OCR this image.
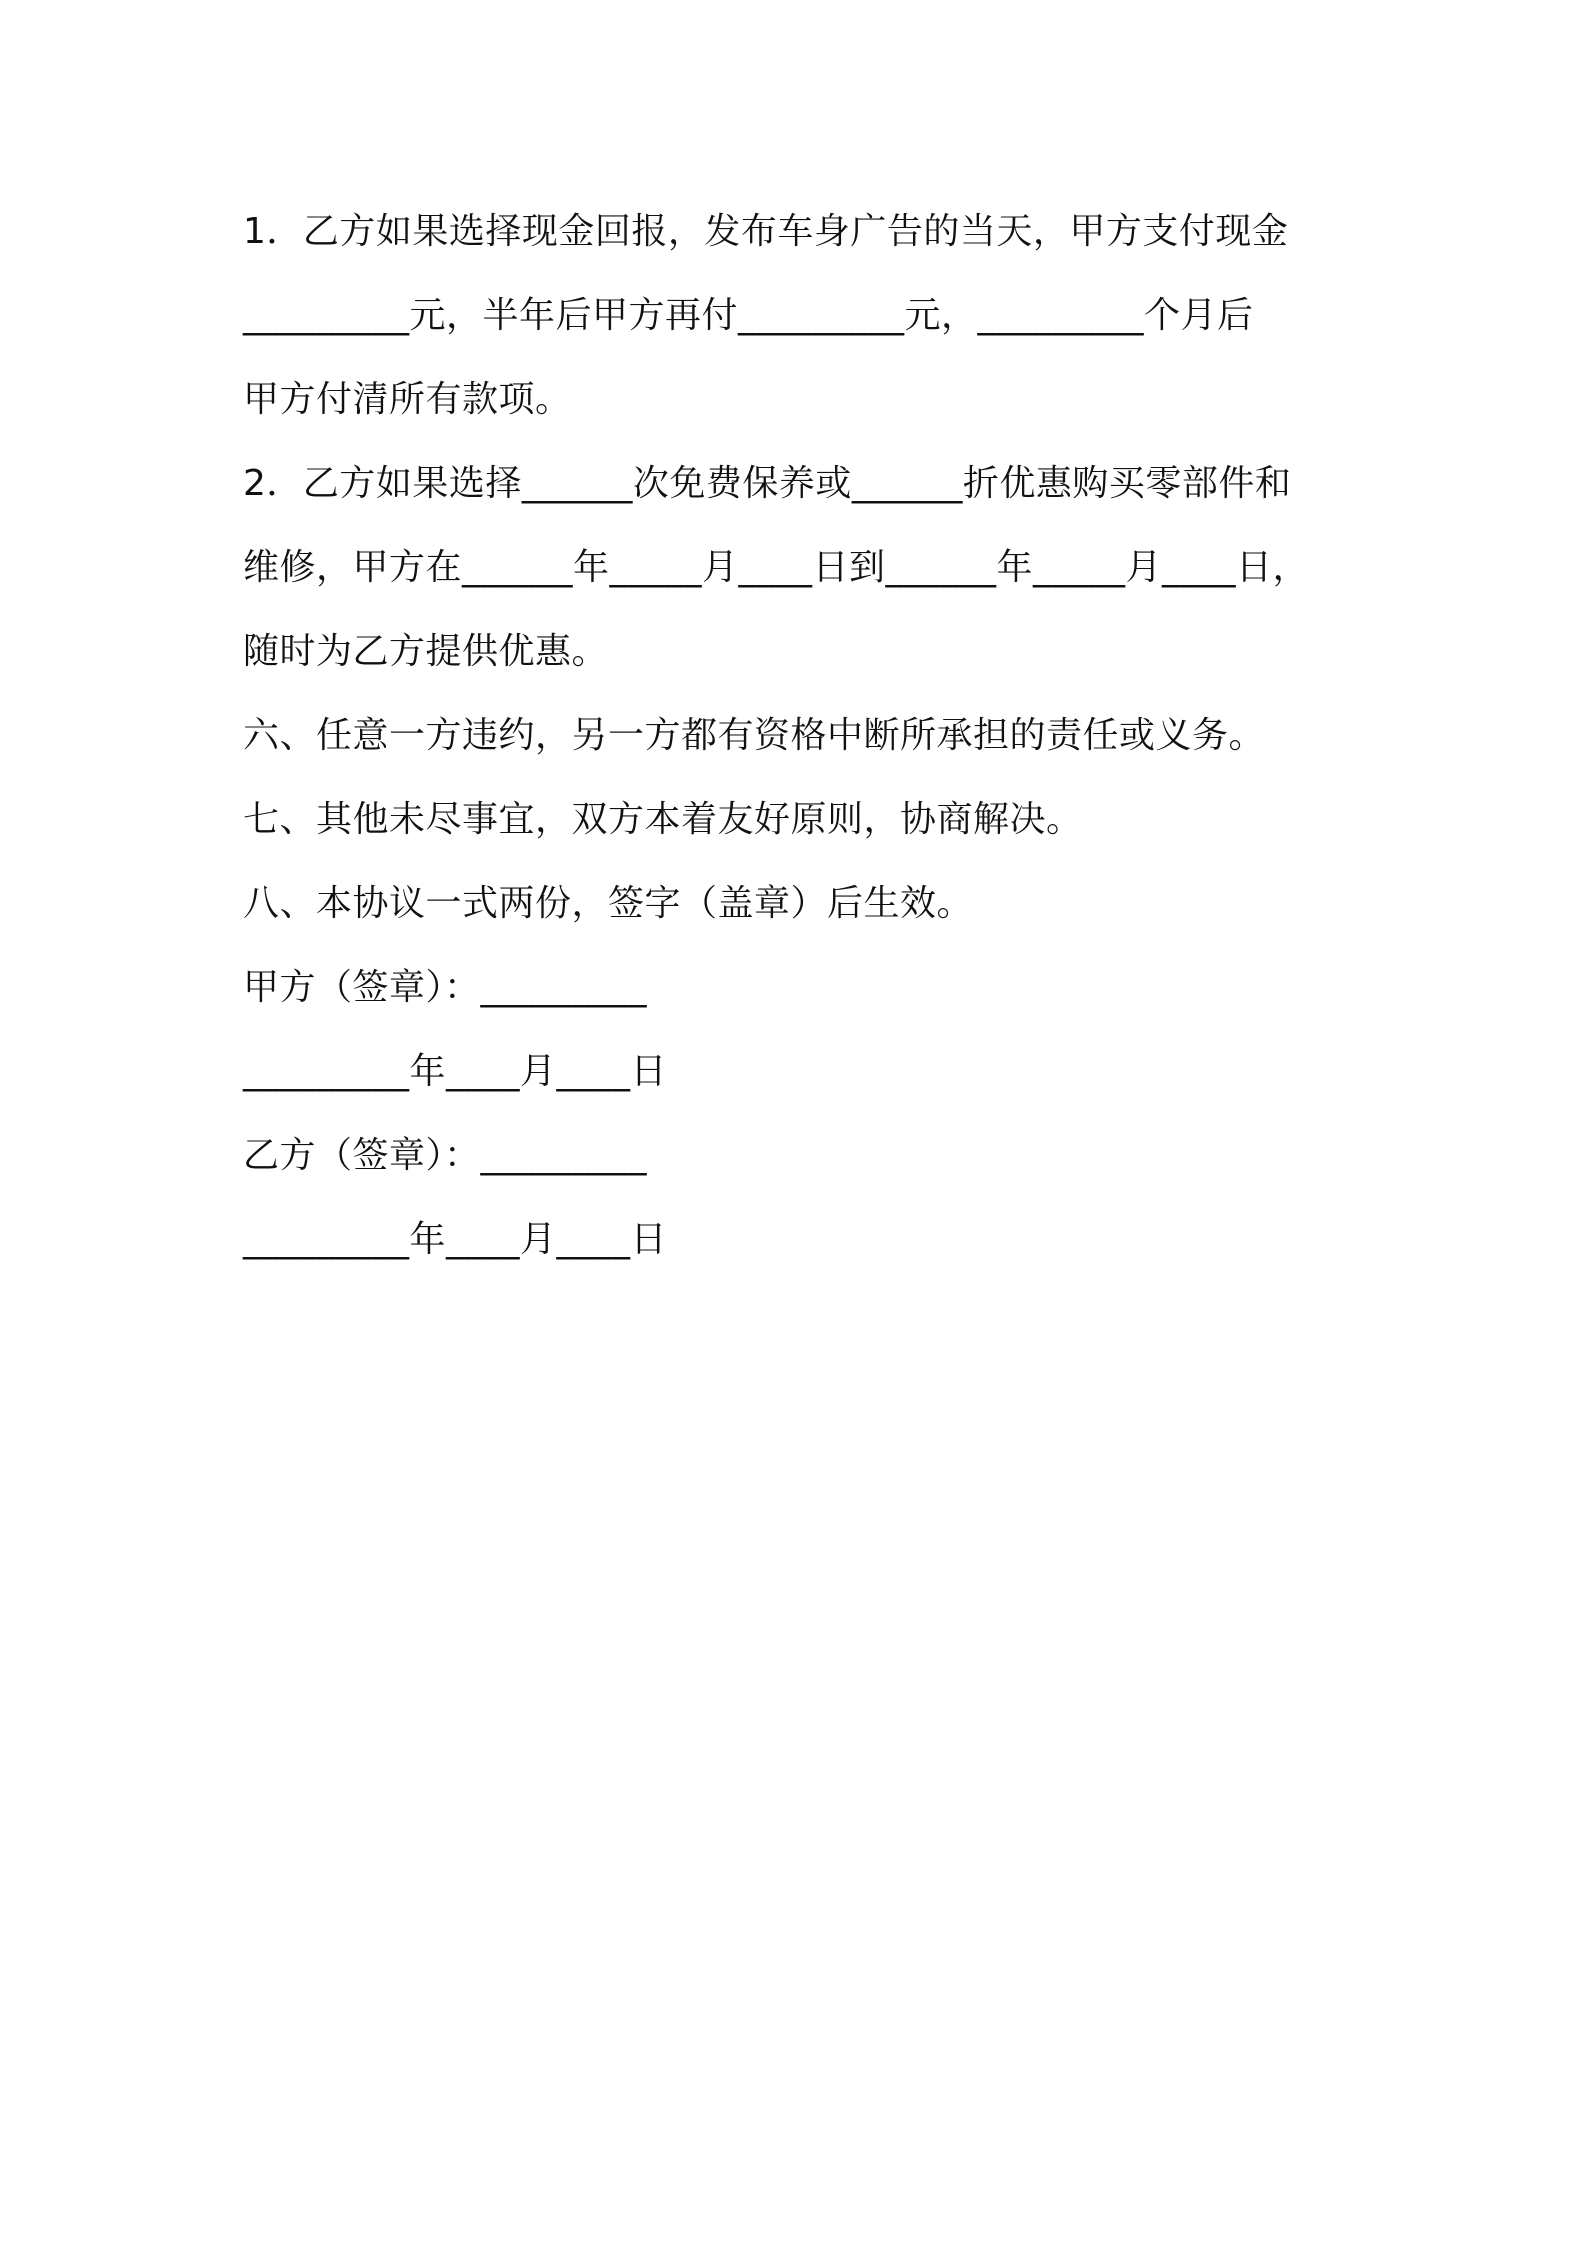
1．乙方如果选择现金回报，发布车身广告的当天，甲方支付现金
_________元，半年后甲方再付_________元，_________个月后
甲方付清所有款项。
2．乙方如果选择______次免费保养或______折优惠购买零部件和
维修，甲方在______年_____月____日到______年_____月____日，
随时为乙方提供优惠。
六、任意一方违约，另一方都有资格中断所承担的责任或义务。
七、其他未尽事宜，双方本着友好原则，协商解决。
八、本协议一式两份，签字（盖章）后生效。
甲方（签章）：_________
_________年____月____日
乙方（签章）：_________
_________年____月____日
